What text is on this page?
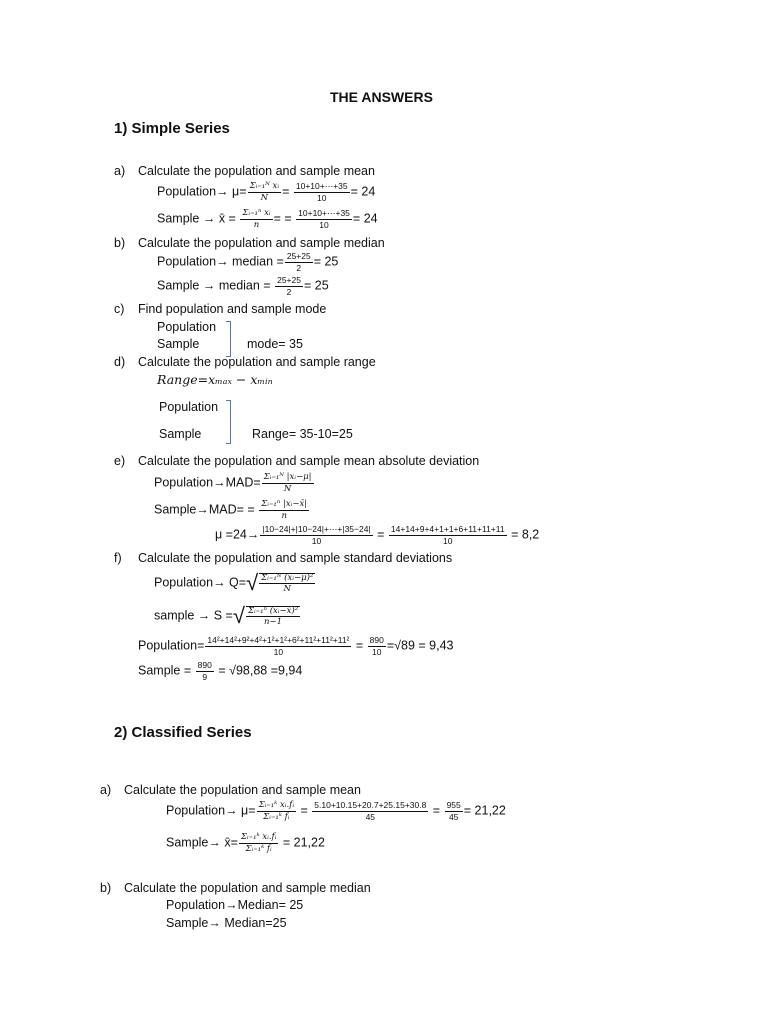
THE ANSWERS
1) Simple Series
a) Calculate the population and sample mean
Population→ $\mu= \frac{\text{Σᵢ₌₁ᴺ xᵢ}}{N} = \frac{10+10+\cdots+35}{10} = 24$
Sample → x̄ = $\frac{\text{Σᵢ₌₁ⁿ xᵢ}}{n}$ = = $\frac{10+10+\cdots+35}{10} = 24$
b) Calculate the population and sample median
Population→ median = $\frac{25+25}{2} = 25$
Sample → median = $\frac{25+25}{2} = 25$
c) Find population and sample mode
Population
Sample	mode= 35
d) Calculate the population and sample range
Range=xₘₐₓ − xₘᵢₙ
Population
Sample	Range= 35-10=25
e) Calculate the population and sample mean absolute deviation
Population→MAD= $\frac{\text{Σᵢ₌₁ᴺ |xᵢ−μ|}}{N}$
Sample→MAD= = $\frac{\text{Σᵢ₌₁ⁿ |xᵢ−x̄|}}{n}$
$\mu =24\to \frac{|10-24|+|10-24|+\cdots+|35-24|}{10} = \frac{14+14+9+4+1+1+6+11+11+11}{10} = 8,2$
f) Calculate the population and sample standard deviations
Population→ $Q=√ \frac{\text{Σᵢ₌₁ᴺ (xᵢ−μ)²}}{N}$
sample → S =√ $\frac{\text{Σᵢ₌₁ⁿ (xᵢ−x̄)²}}{n-1}$
Population= $\frac{\text{14²+14²+9²+4²+1²+1²+6²+11²+11²+11²}}{10} = \frac{890}{10} =√89 = 9,43$
Sample = $\frac{890}{9} = √98,88 =9,94$
2) Classified Series
a) Calculate the population and sample mean
Population→ $\mu= \frac{\text{Σᵢ₌₁ᵏ xᵢ.fᵢ}}{\text{Σᵢ₌₁ᵏ fᵢ}} = \frac{5.10+10.15+20.7+25.15+30.8}{45} = \frac{955}{45} = 21,22$
Sample→ x̄= $\frac{\text{Σᵢ₌₁ᵏ xᵢ.fᵢ}}{\text{Σᵢ₌₁ᵏ fᵢ}} = 21,22$
b) Calculate the population and sample median
Population→Median= 25
Sample→ Median=25
